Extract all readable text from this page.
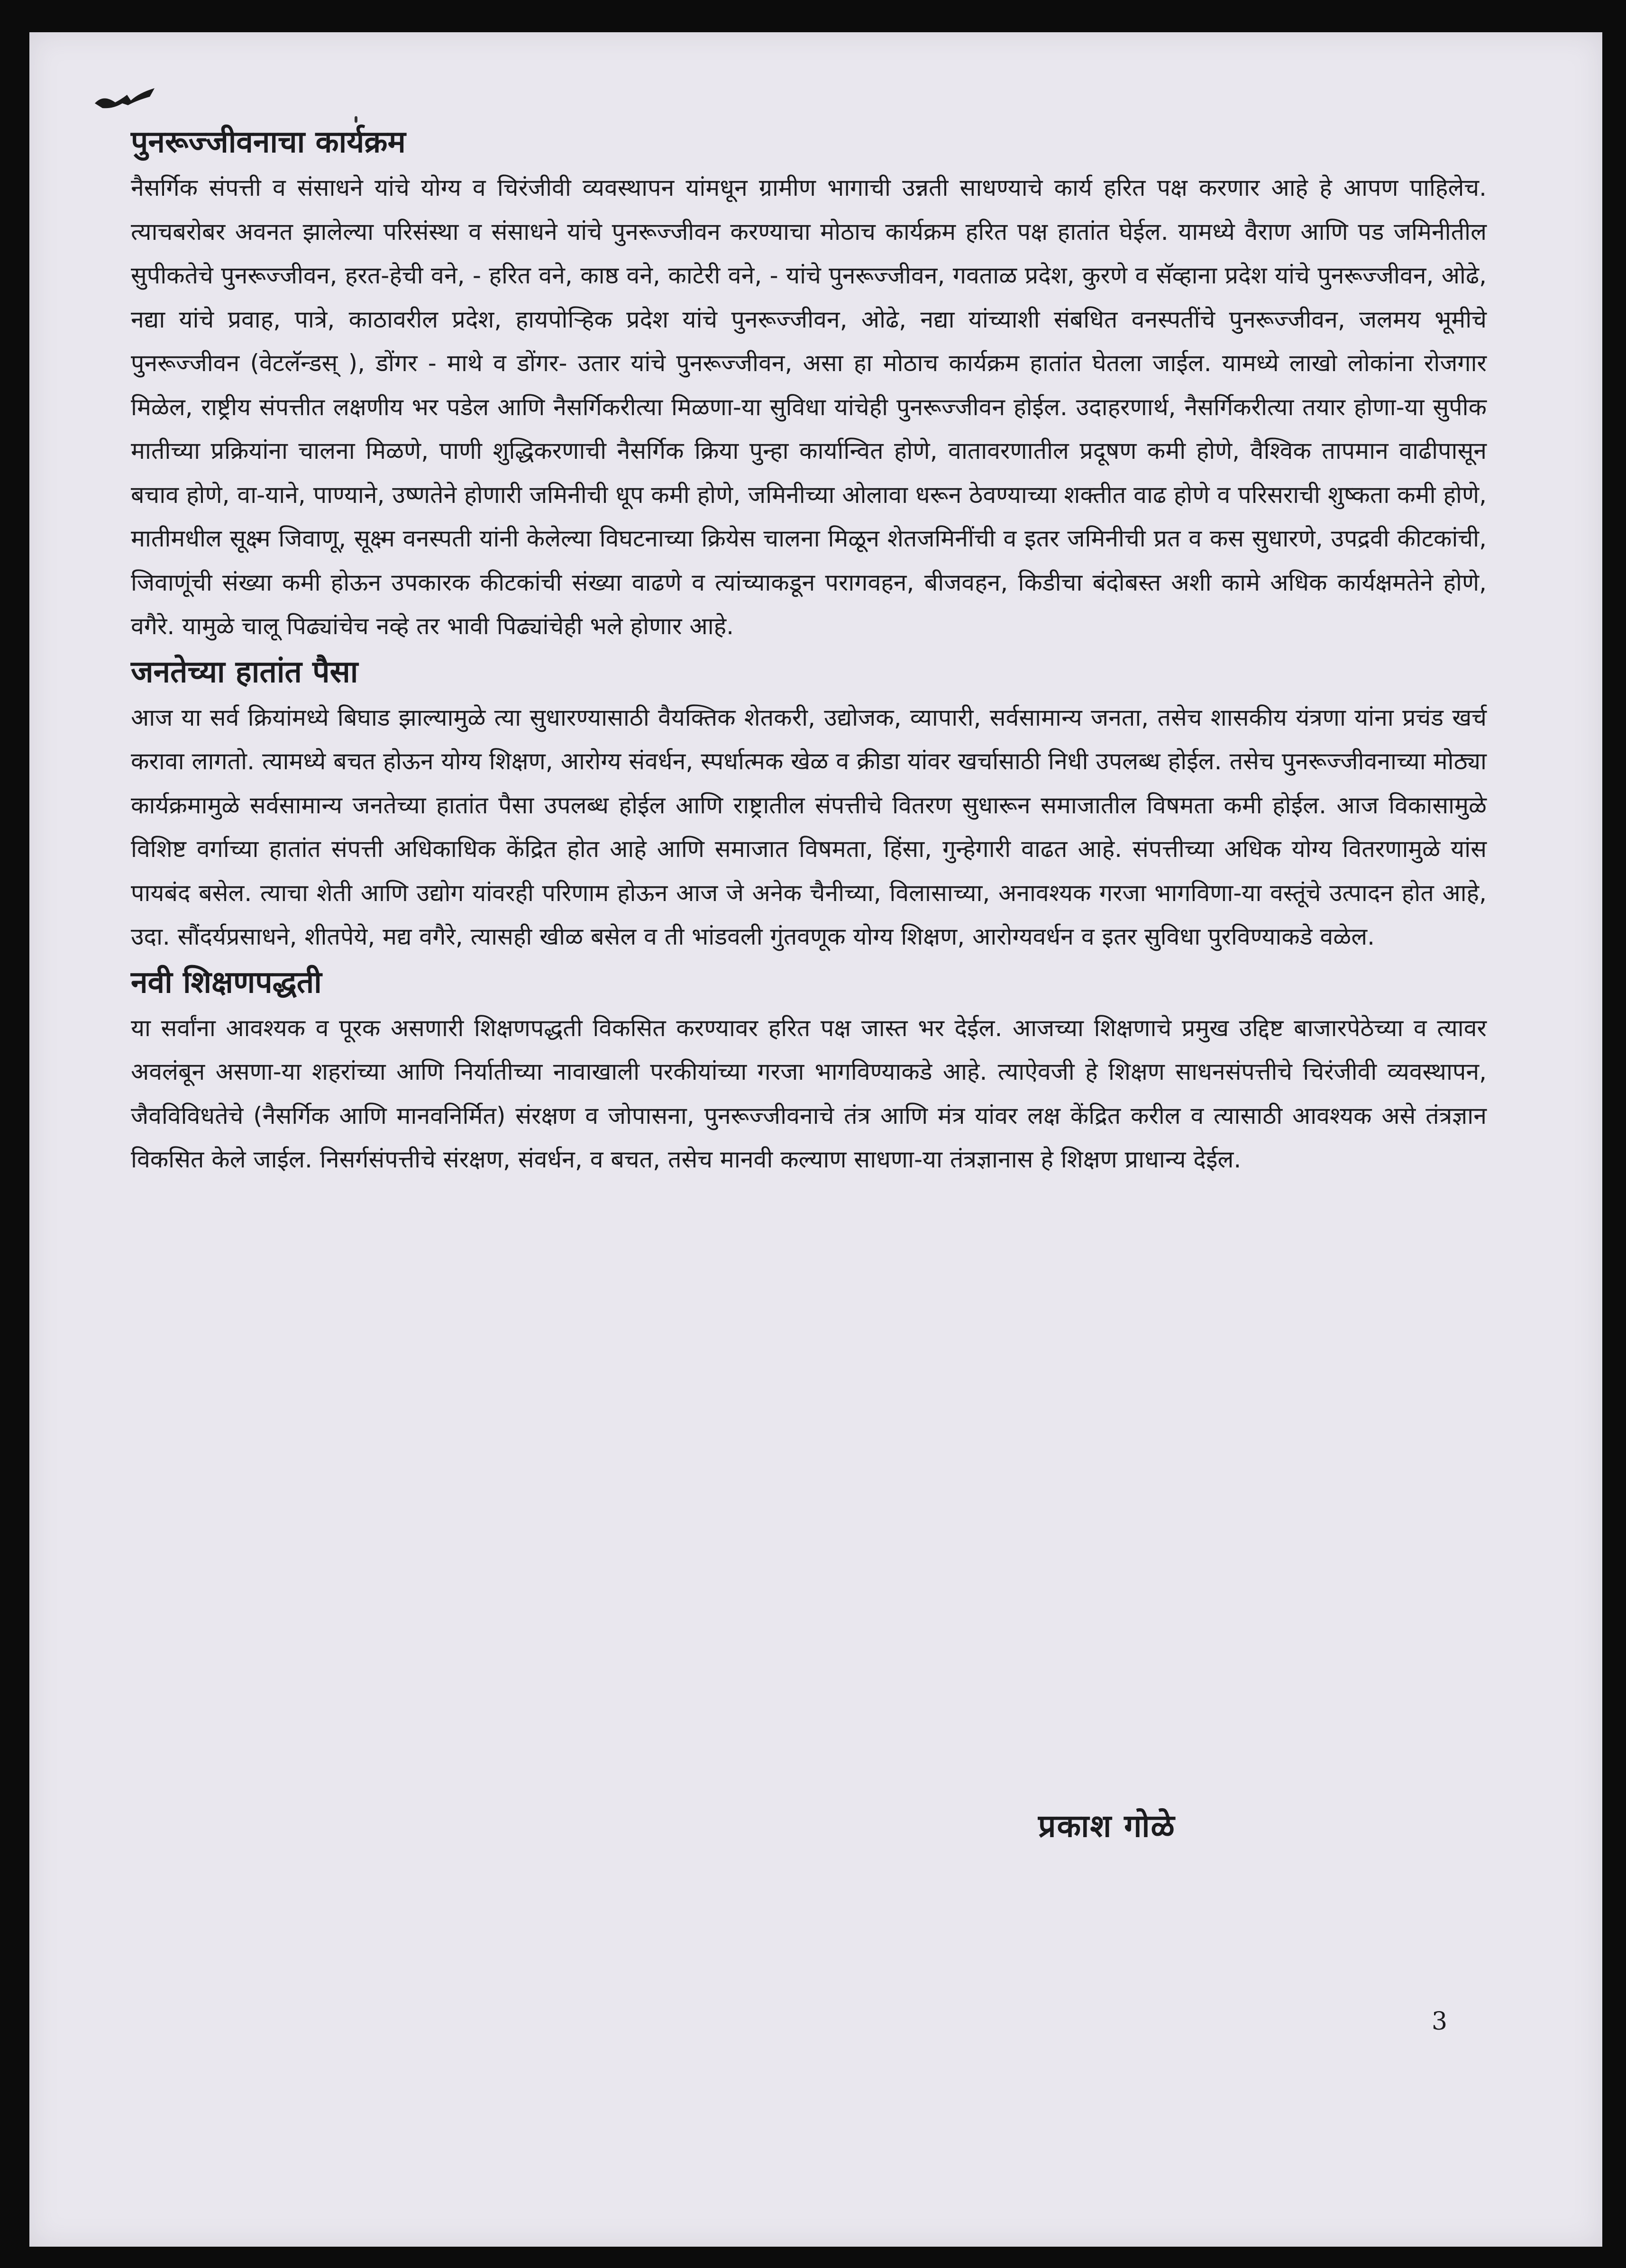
पुनरूज्जीवनाचा कार्यक्रम

नैसर्गिक संपत्ती व संसाधने यांचे योग्य व चिरंजीवी व्यवस्थापन यांमधून ग्रामीण भागाची उन्नती साधण्याचे कार्य हरित पक्ष करणार आहे हे आपण पाहिलेच. त्याचबरोबर अवनत झालेल्या परिसंस्था व संसाधने यांचे पुनरूज्जीवन करण्याचा मोठाच कार्यक्रम हरित पक्ष हातांत घेईल. यामध्ये वैराण आणि पड जमिनीतील सुपीकतेचे पुनरूज्जीवन, हरत-हेची वने, - हरित वने, काष्ठ वने, काटेरी वने, - यांचे पुनरूज्जीवन, गवताळ प्रदेश, कुरणे व सॅव्हाना प्रदेश यांचे पुनरूज्जीवन, ओढे, नद्या यांचे प्रवाह, पात्रे, काठावरील प्रदेश, हायपोऱ्हिक प्रदेश यांचे पुनरूज्जीवन, ओढे, नद्या यांच्याशी संबधित वनस्पतींचे पुनरूज्जीवन, जलमय भूमीचे पुनरूज्जीवन (वेटलॅन्डस् ), डोंगर - माथे व डोंगर- उतार यांचे पुनरूज्जीवन, असा हा मोठाच कार्यक्रम हातांत घेतला जाईल. यामध्ये लाखो लोकांना रोजगार मिळेल, राष्ट्रीय संपत्तीत लक्षणीय भर पडेल आणि नैसर्गिकरीत्या मिळणा-या सुविधा यांचेही पुनरूज्जीवन होईल. उदाहरणार्थ, नैसर्गिकरीत्या तयार होणा-या सुपीक मातीच्या प्रक्रियांना चालना मिळणे, पाणी शुद्धिकरणाची नैसर्गिक क्रिया पुन्हा कार्यान्वित होणे, वातावरणातील प्रदूषण कमी होणे, वैश्विक तापमान वाढीपासून बचाव होणे, वा-याने, पाण्याने, उष्णतेने होणारी जमिनीची धूप कमी होणे, जमिनीच्या ओलावा धरून ठेवण्याच्या शक्तीत वाढ होणे व परिसराची शुष्कता कमी होणे, मातीमधील सूक्ष्म जिवाणू, सूक्ष्म वनस्पती यांनी केलेल्या विघटनाच्या क्रियेस चालना मिळून शेतजमिनींची व इतर जमिनीची प्रत व कस सुधारणे, उपद्रवी कीटकांची, जिवाणूंची संख्या कमी होऊन उपकारक कीटकांची संख्या वाढणे व त्यांच्याकडून परागवहन, बीजवहन, किडीचा बंदोबस्त अशी कामे अधिक कार्यक्षमतेने होणे, वगैरे. यामुळे चालू पिढ्यांचेच नव्हे तर भावी पिढ्यांचेही भले होणार आहे.

जनतेच्या हातांत पैसा

आज या सर्व क्रियांमध्ये बिघाड झाल्यामुळे त्या सुधारण्यासाठी वैयक्तिक शेतकरी, उद्योजक, व्यापारी, सर्वसामान्य जनता, तसेच शासकीय यंत्रणा यांना प्रचंड खर्च करावा लागतो. त्यामध्ये बचत होऊन योग्य शिक्षण, आरोग्य संवर्धन, स्पर्धात्मक खेळ व क्रीडा यांवर खर्चासाठी निधी उपलब्ध होईल. तसेच पुनरूज्जीवनाच्या मोठ्या कार्यक्रमामुळे सर्वसामान्य जनतेच्या हातांत पैसा उपलब्ध होईल आणि राष्ट्रातील संपत्तीचे वितरण सुधारून समाजातील विषमता कमी होईल. आज विकासामुळे विशिष्ट वर्गाच्या हातांत संपत्ती अधिकाधिक केंद्रित होत आहे आणि समाजात विषमता, हिंसा, गुन्हेगारी वाढत आहे. संपत्तीच्या अधिक योग्य वितरणामुळे यांस पायबंद बसेल. त्याचा शेती आणि उद्योग यांवरही परिणाम होऊन आज जे अनेक चैनीच्या, विलासाच्या, अनावश्यक गरजा भागविणा-या वस्तूंचे उत्पादन होत आहे, उदा. सौंदर्यप्रसाधने, शीतपेये, मद्य वगैरे, त्यासही खीळ बसेल व ती भांडवली गुंतवणूक योग्य शिक्षण, आरोग्यवर्धन व इतर सुविधा पुरविण्याकडे वळेल.

नवी शिक्षणपद्धती

या सर्वांना आवश्यक व पूरक असणारी शिक्षणपद्धती विकसित करण्यावर हरित पक्ष जास्त भर देईल. आजच्या शिक्षणाचे प्रमुख उद्दिष्ट बाजारपेठेच्या व त्यावर अवलंबून असणा-या शहरांच्या आणि निर्यातीच्या नावाखाली परकीयांच्या गरजा भागविण्याकडे आहे. त्याऐवजी हे शिक्षण साधनसंपत्तीचे चिरंजीवी व्यवस्थापन, जैवविविधतेचे (नैसर्गिक आणि मानवनिर्मित) संरक्षण व जोपासना, पुनरूज्जीवनाचे तंत्र आणि मंत्र यांवर लक्ष केंद्रित करील व त्यासाठी आवश्यक असे तंत्रज्ञान विकसित केले जाईल. निसर्गसंपत्तीचे संरक्षण, संवर्धन, व बचत, तसेच मानवी कल्याण साधणा-या तंत्रज्ञानास हे शिक्षण प्राधान्य देईल.

प्रकाश गोळे
3
